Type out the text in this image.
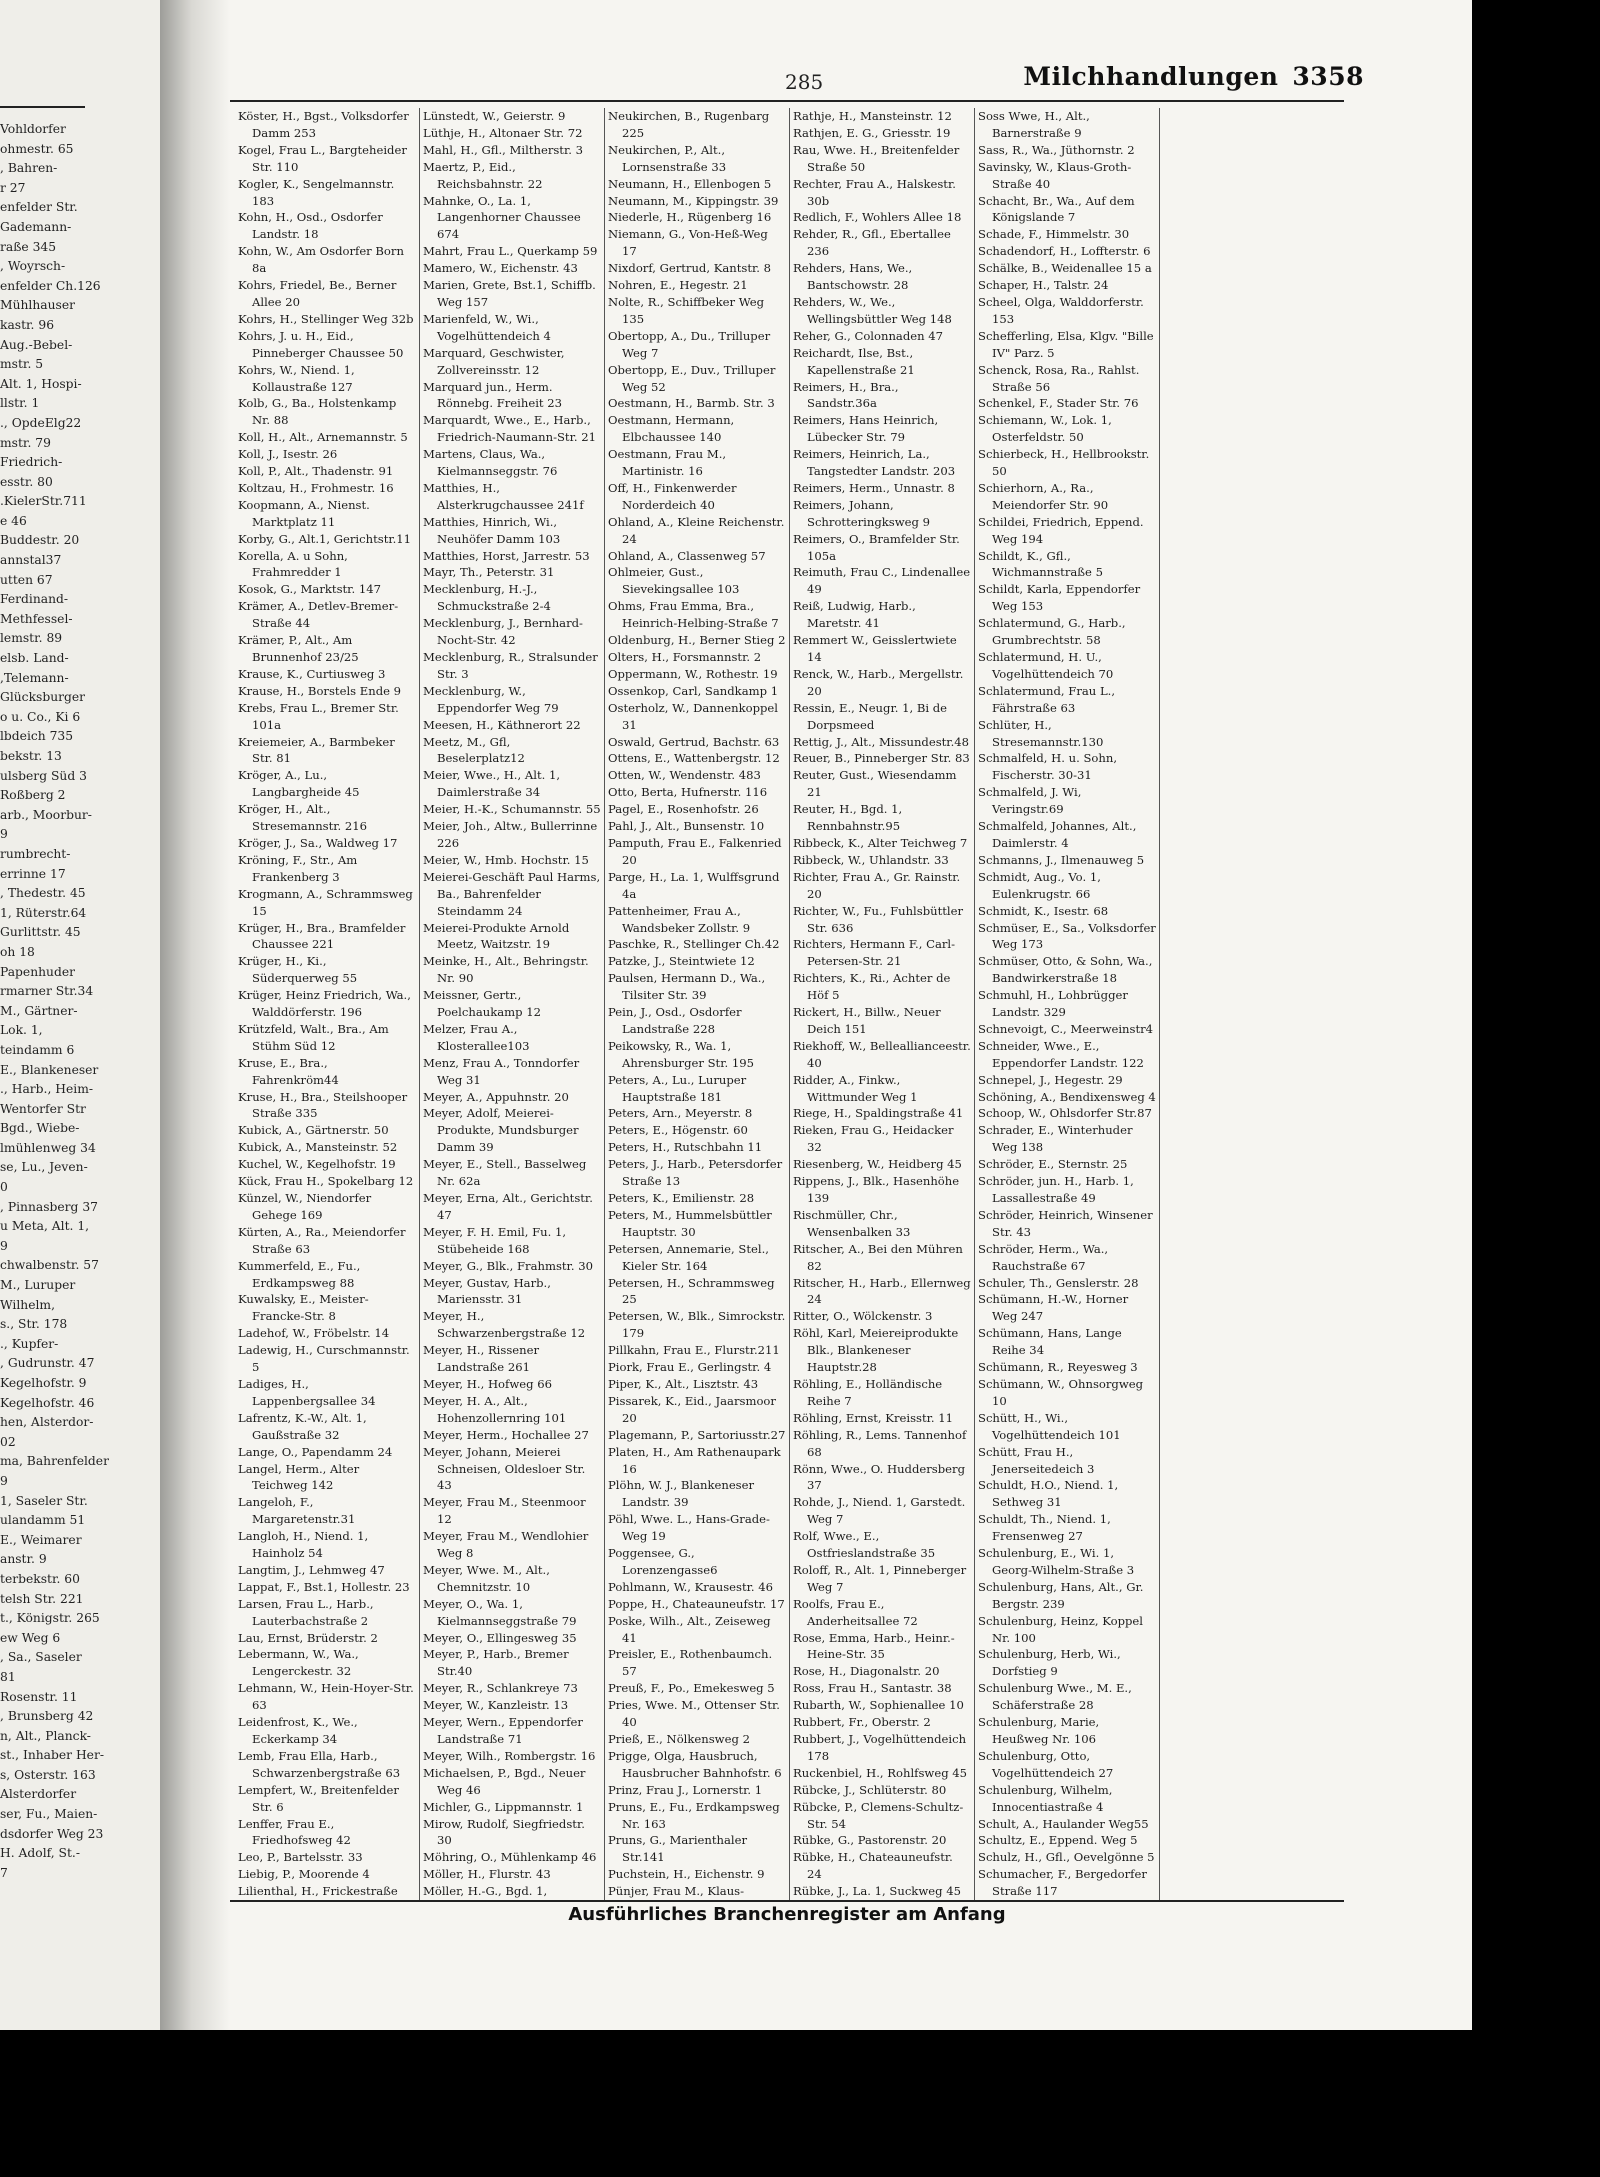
Vohldorfer
ohmestr. 65
, Bahren-
r 27
enfelder Str.
Gademann-
raße 345
, Woyrsch-
enfelder Ch.126
Mühlhauser
kastr. 96
Aug.-Bebel-
mstr. 5
Alt. 1, Hospi-
llstr. 1
., OpdeElg22
mstr. 79
Friedrich-
esstr. 80
.KielerStr.711
e 46
Buddestr. 20
annstal37
utten 67
Ferdinand-
Methfessel-
lemstr. 89
elsb. Land-
,Telemann-
Glücksburger
o u. Co., Ki 6
lbdeich 735
bekstr. 13
ulsberg Süd 3
Roßberg 2
arb., Moorbur-
9
rumbrecht-
errinne 17
, Thedestr. 45
1, Rüterstr.64
Gurlittstr. 45
oh 18
Papenhuder
rmarner Str.34
M., Gärtner-
Lok. 1,
teindamm 6
E., Blankeneser
., Harb., Heim-
Wentorfer Str
Bgd., Wiebe-
lmühlenweg 34
se, Lu., Jeven-
0
, Pinnasberg 37
u Meta, Alt. 1,
9
chwalbenstr. 57
M., Luruper
Wilhelm,
s., Str. 178
., Kupfer-
, Gudrunstr. 47
Kegelhofstr. 9
Kegelhofstr. 46
hen, Alsterdor-
02
ma, Bahrenfelder
9
1, Saseler Str.
ulandamm 51
E., Weimarer
anstr. 9
terbekstr. 60
telsh Str. 221
t., Königstr. 265
ew Weg 6
, Sa., Saseler
81
Rosenstr. 11
, Brunsberg 42
n, Alt., Planck-
st., Inhaber Her-
s, Osterstr. 163
Alsterdorfer
ser, Fu., Maien-
dsdorfer Weg 23
H. Adolf, St.-
7
285	Milchhandlungen 3358
Köster, H., Bgst., Volksdorfer Damm 253
Kogel, Frau L., Bargteheider Str. 110
Kogler, K., Sengelmannstr. 183
Kohn, H., Osd., Osdorfer Landstr. 18
Kohn, W., Am Osdorfer Born 8a
Kohrs, Friedel, Be., Berner Allee 20
Kohrs, H., Stellinger Weg 32b
Kohrs, J. u. H., Eid., Pinneberger Chaussee 50
Kohrs, W., Niend. 1, Kollaustraße 127
Kolb, G., Ba., Holstenkamp Nr. 88
Koll, H., Alt., Arnemannstr. 5
Koll, J., Isestr. 26
Koll, P., Alt., Thadenstr. 91
Koltzau, H., Frohmestr. 16
Koopmann, A., Nienst. Marktplatz 11
Korby, G., Alt.1, Gerichtstr.11
Korella, A. u Sohn, Frahmredder 1
Kosok, G., Marktstr. 147
Krämer, A., Detlev-Bremer-Straße 44
Krämer, P., Alt., Am Brunnenhof 23/25
Krause, K., Curtiusweg 3
Krause, H., Borstels Ende 9
Krebs, Frau L., Bremer Str. 101a
Kreiemeier, A., Barmbeker Str. 81
Kröger, A., Lu., Langbargheide 45
Kröger, H., Alt., Stresemannstr. 216
Kröger, J., Sa., Waldweg 17
Kröning, F., Str., Am Frankenberg 3
Krogmann, A., Schrammsweg 15
Krüger, H., Bra., Bramfelder Chaussee 221
Krüger, H., Ki., Süderquerweg 55
Krüger, Heinz Friedrich, Wa., Walddörferstr. 196
Krützfeld, Walt., Bra., Am Stühm Süd 12
Kruse, E., Bra., Fahrenkröm44
Kruse, H., Bra., Steilshooper Straße 335
Kubick, A., Gärtnerstr. 50
Kubick, A., Mansteinstr. 52
Kuchel, W., Kegelhofstr. 19
Kück, Frau H., Spokelbarg 12
Künzel, W., Niendorfer Gehege 169
Kürten, A., Ra., Meiendorfer Straße 63
Kummerfeld, E., Fu., Erdkampsweg 88
Kuwalsky, E., Meister-Francke-Str. 8
Ladehof, W., Fröbelstr. 14
Ladewig, H., Curschmannstr. 5
Ladiges, H., Lappenbergsallee 34
Lafrentz, K.-W., Alt. 1, Gaußstraße 32
Lange, O., Papendamm 24
Langel, Herm., Alter Teichweg 142
Langeloh, F., Margaretenstr.31
Langloh, H., Niend. 1, Hainholz 54
Langtim, J., Lehmweg 47
Lappat, F., Bst.1, Hollestr. 23
Larsen, Frau L., Harb., Lauterbachstraße 2
Lau, Ernst, Brüderstr. 2
Lebermann, W., Wa., Lengerckestr. 32
Lehmann, W., Hein-Hoyer-Str. 63
Leidenfrost, K., We., Eckerkamp 34
Lemb, Frau Ella, Harb., Schwarzenbergstraße 63
Lempfert, W., Breitenfelder Str. 6
Lenffer, Frau E., Friedhofsweg 42
Leo, P., Bartelsstr. 33
Liebig, P., Moorende 4
Lilienthal, H., Frickestraße
Lünstedt, W., Geierstr. 9
Lüthje, H., Altonaer Str. 72
Mahl, H., Gfl., Miltherstr. 3
Maertz, P., Eid., Reichsbahnstr. 22
Mahnke, O., La. 1, Langenhorner Chaussee 674
Mahrt, Frau L., Querkamp 59
Mamero, W., Eichenstr. 43
Marien, Grete, Bst.1, Schiffb. Weg 157
Marienfeld, W., Wi., Vogelhüttendeich 4
Marquard, Geschwister, Zollvereinsstr. 12
Marquard jun., Herm. Rönnebg. Freiheit 23
Marquardt, Wwe., E., Harb., Friedrich-Naumann-Str. 21
Martens, Claus, Wa., Kielmannseggstr. 76
Matthies, H., Alsterkrugchaussee 241f
Matthies, Hinrich, Wi., Neuhöfer Damm 103
Matthies, Horst, Jarrestr. 53
Mayr, Th., Peterstr. 31
Mecklenburg, H.-J., Schmuckstraße 2-4
Mecklenburg, J., Bernhard-Nocht-Str. 42
Mecklenburg, R., Stralsunder Str. 3
Mecklenburg, W., Eppendorfer Weg 79
Meesen, H., Käthnerort 22
Meetz, M., Gfl, Beselerplatz12
Meier, Wwe., H., Alt. 1, Daimlerstraße 34
Meier, H.-K., Schumannstr. 55
Meier, Joh., Altw., Bullerrinne 226
Meier, W., Hmb. Hochstr. 15
Meierei-Geschäft Paul Harms, Ba., Bahrenfelder Steindamm 24
Meierei-Produkte Arnold Meetz, Waitzstr. 19
Meinke, H., Alt., Behringstr. Nr. 90
Meissner, Gertr., Poelchaukamp 12
Melzer, Frau A., Klosterallee103
Menz, Frau A., Tonndorfer Weg 31
Meyer, A., Appuhnstr. 20
Meyer, Adolf, Meierei-Produkte, Mundsburger Damm 39
Meyer, E., Stell., Basselweg Nr. 62a
Meyer, Erna, Alt., Gerichtstr. 47
Meyer, F. H. Emil, Fu. 1, Stübeheide 168
Meyer, G., Blk., Frahmstr. 30
Meyer, Gustav, Harb., Mariensstr. 31
Meyer, H., Schwarzenbergstraße 12
Meyer, H., Rissener Landstraße 261
Meyer, H., Hofweg 66
Meyer, H. A., Alt., Hohenzollernring 101
Meyer, Herm., Hochallee 27
Meyer, Johann, Meierei Schneisen, Oldesloer Str. 43
Meyer, Frau M., Steenmoor 12
Meyer, Frau M., Wendlohier Weg 8
Meyer, Wwe. M., Alt., Chemnitzstr. 10
Meyer, O., Wa. 1, Kielmannseggstraße 79
Meyer, O., Ellingesweg 35
Meyer, P., Harb., Bremer Str.40
Meyer, R., Schlankreye 73
Meyer, W., Kanzleistr. 13
Meyer, Wern., Eppendorfer Landstraße 71
Meyer, Wilh., Rombergstr. 16
Michaelsen, P., Bgd., Neuer Weg 46
Michler, G., Lippmannstr. 1
Mirow, Rudolf, Siegfriedstr. 30
Möhring, O., Mühlenkamp 46
Möller, H., Flurstr. 43
Möller, H.-G., Bgd. 1,
Neukirchen, B., Rugenbarg 225
Neukirchen, P., Alt., Lornsenstraße 33
Neumann, H., Ellenbogen 5
Neumann, M., Kippingstr. 39
Niederle, H., Rügenberg 16
Niemann, G., Von-Heß-Weg 17
Nixdorf, Gertrud, Kantstr. 8
Nohren, E., Hegestr. 21
Nolte, R., Schiffbeker Weg 135
Obertopp, A., Du., Trilluper Weg 7
Obertopp, E., Duv., Trilluper Weg 52
Oestmann, H., Barmb. Str. 3
Oestmann, Hermann, Elbchaussee 140
Oestmann, Frau M., Martinistr. 16
Off, H., Finkenwerder Norderdeich 40
Ohland, A., Kleine Reichenstr. 24
Ohland, A., Classenweg 57
Ohlmeier, Gust., Sievekingsallee 103
Ohms, Frau Emma, Bra., Heinrich-Helbing-Straße 7
Oldenburg, H., Berner Stieg 2
Olters, H., Forsmannstr. 2
Oppermann, W., Rothestr. 19
Ossenkop, Carl, Sandkamp 1
Osterholz, W., Dannenkoppel 31
Oswald, Gertrud, Bachstr. 63
Ottens, E., Wattenbergstr. 12
Otten, W., Wendenstr. 483
Otto, Berta, Hufnerstr. 116
Pagel, E., Rosenhofstr. 26
Pahl, J., Alt., Bunsenstr. 10
Pamputh, Frau E., Falkenried 20
Parge, H., La. 1, Wulffsgrund 4a
Pattenheimer, Frau A., Wandsbeker Zollstr. 9
Paschke, R., Stellinger Ch.42
Patzke, J., Steintwiete 12
Paulsen, Hermann D., Wa., Tilsiter Str. 39
Pein, J., Osd., Osdorfer Landstraße 228
Peikowsky, R., Wa. 1, Ahrensburger Str. 195
Peters, A., Lu., Luruper Hauptstraße 181
Peters, Arn., Meyerstr. 8
Peters, E., Högenstr. 60
Peters, H., Rutschbahn 11
Peters, J., Harb., Petersdorfer Straße 13
Peters, K., Emilienstr. 28
Peters, M., Hummelsbüttler Hauptstr. 30
Petersen, Annemarie, Stel., Kieler Str. 164
Petersen, H., Schrammsweg 25
Petersen, W., Blk., Simrockstr. 179
Pillkahn, Frau E., Flurstr.211
Piork, Frau E., Gerlingstr. 4
Piper, K., Alt., Lisztstr. 43
Pissarek, K., Eid., Jaarsmoor 20
Plagemann, P., Sartoriusstr.27
Platen, H., Am Rathenaupark 16
Plöhn, W. J., Blankeneser Landstr. 39
Pöhl, Wwe. L., Hans-Grade-Weg 19
Poggensee, G., Lorenzengasse6
Pohlmann, W., Krausestr. 46
Poppe, H., Chateauneufstr. 17
Poske, Wilh., Alt., Zeiseweg 41
Preisler, E., Rothenbaumch. 57
Preuß, F., Po., Emekesweg 5
Pries, Wwe. M., Ottenser Str. 40
Prieß, E., Nölkensweg 2
Prigge, Olga, Hausbruch, Hausbrucher Bahnhofstr. 6
Prinz, Frau J., Lornerstr. 1
Pruns, E., Fu., Erdkampsweg Nr. 163
Pruns, G., Marienthaler Str.141
Puchstein, H., Eichenstr. 9
Pünjer, Frau M., Klaus-
Rathje, H., Mansteinstr. 12
Rathjen, E. G., Griesstr. 19
Rau, Wwe. H., Breitenfelder Straße 50
Rechter, Frau A., Halskestr. 30b
Redlich, F., Wohlers Allee 18
Rehder, R., Gfl., Ebertallee 236
Rehders, Hans, We., Bantschowstr. 28
Rehders, W., We., Wellingsbüttler Weg 148
Reher, G., Colonnaden 47
Reichardt, Ilse, Bst., Kapellenstraße 21
Reimers, H., Bra., Sandstr.36a
Reimers, Hans Heinrich, Lübecker Str. 79
Reimers, Heinrich, La., Tangstedter Landstr. 203
Reimers, Herm., Unnastr. 8
Reimers, Johann, Schrotteringksweg 9
Reimers, O., Bramfelder Str. 105a
Reimuth, Frau C., Lindenallee 49
Reiß, Ludwig, Harb., Maretstr. 41
Remmert W., Geisslertwiete 14
Renck, W., Harb., Mergellstr. 20
Ressin, E., Neugr. 1, Bi de Dorpsmeed
Rettig, J., Alt., Missundestr.48
Reuer, B., Pinneberger Str. 83
Reuter, Gust., Wiesendamm 21
Reuter, H., Bgd. 1, Rennbahnstr.95
Ribbeck, K., Alter Teichweg 7
Ribbeck, W., Uhlandstr. 33
Richter, Frau A., Gr. Rainstr. 20
Richter, W., Fu., Fuhlsbüttler Str. 636
Richters, Hermann F., Carl-Petersen-Str. 21
Richters, K., Ri., Achter de Höf 5
Rickert, H., Billw., Neuer Deich 151
Riekhoff, W., Belleallianceestr. 40
Ridder, A., Finkw., Wittmunder Weg 1
Riege, H., Spaldingstraße 41
Rieken, Frau G., Heidacker 32
Riesenberg, W., Heidberg 45
Rippens, J., Blk., Hasenhöhe 139
Rischmüller, Chr., Wensenbalken 33
Ritscher, A., Bei den Mühren 82
Ritscher, H., Harb., Ellernweg 24
Ritter, O., Wölckenstr. 3
Röhl, Karl, Meiereiprodukte Blk., Blankeneser Hauptstr.28
Röhling, E., Holländische Reihe 7
Röhling, Ernst, Kreisstr. 11
Röhling, R., Lems. Tannenhof 68
Rönn, Wwe., O. Huddersberg 37
Rohde, J., Niend. 1, Garstedt. Weg 7
Rolf, Wwe., E., Ostfrieslandstraße 35
Roloff, R., Alt. 1, Pinneberger Weg 7
Roolfs, Frau E., Anderheitsallee 72
Rose, Emma, Harb., Heinr.-Heine-Str. 35
Rose, H., Diagonalstr. 20
Ross, Frau H., Santastr. 38
Rubarth, W., Sophienallee 10
Rubbert, Fr., Oberstr. 2
Rubbert, J., Vogelhüttendeich 178
Ruckenbiel, H., Rohlfsweg 45
Rübcke, J., Schlüterstr. 80
Rübcke, P., Clemens-Schultz-Str. 54
Rübke, G., Pastorenstr. 20
Rübke, H., Chateauneufstr. 24
Rübke, J., La. 1, Suckweg 45
Soss Wwe, H., Alt., Barnerstraße 9
Sass, R., Wa., Jüthornstr. 2
Savinsky, W., Klaus-Groth-Straße 40
Schacht, Br., Wa., Auf dem Königslande 7
Schade, F., Himmelstr. 30
Schadendorf, H., Loffterstr. 6
Schälke, B., Weidenallee 15 a
Schaper, H., Talstr. 24
Scheel, Olga, Walddorferstr. 153
Schefferling, Elsa, Klgv. "Bille IV" Parz. 5
Schenck, Rosa, Ra., Rahlst. Straße 56
Schenkel, F., Stader Str. 76
Schiemann, W., Lok. 1, Osterfeldstr. 50
Schierbeck, H., Hellbrookstr. 50
Schierhorn, A., Ra., Meiendorfer Str. 90
Schildei, Friedrich, Eppend. Weg 194
Schildt, K., Gfl., Wichmannstraße 5
Schildt, Karla, Eppendorfer Weg 153
Schlatermund, G., Harb., Grumbrechtstr. 58
Schlatermund, H. U., Vogelhüttendeich 70
Schlatermund, Frau L., Fährstraße 63
Schlüter, H., Stresemannstr.130
Schmalfeld, H. u. Sohn, Fischerstr. 30-31
Schmalfeld, J. Wi, Veringstr.69
Schmalfeld, Johannes, Alt., Daimlerstr. 4
Schmanns, J., Ilmenauweg 5
Schmidt, Aug., Vo. 1, Eulenkrugstr. 66
Schmidt, K., Isestr. 68
Schmüser, E., Sa., Volksdorfer Weg 173
Schmüser, Otto, & Sohn, Wa., Bandwirkerstraße 18
Schmuhl, H., Lohbrügger Landstr. 329
Schnevoigt, C., Meerweinstr4
Schneider, Wwe., E., Eppendorfer Landstr. 122
Schnepel, J., Hegestr. 29
Schöning, A., Bendixensweg 4
Schoop, W., Ohlsdorfer Str.87
Schrader, E., Winterhuder Weg 138
Schröder, E., Sternstr. 25
Schröder, jun. H., Harb. 1, Lassallestraße 49
Schröder, Heinrich, Winsener Str. 43
Schröder, Herm., Wa., Rauchstraße 67
Schuler, Th., Genslerstr. 28
Schümann, H.-W., Horner Weg 247
Schümann, Hans, Lange Reihe 34
Schümann, R., Reyesweg 3
Schümann, W., Ohnsorgweg 10
Schütt, H., Wi., Vogelhüttendeich 101
Schütt, Frau H., Jenerseitedeich 3
Schuldt, H.O., Niend. 1, Sethweg 31
Schuldt, Th., Niend. 1, Frensenweg 27
Schulenburg, E., Wi. 1, Georg-Wilhelm-Straße 3
Schulenburg, Hans, Alt., Gr. Bergstr. 239
Schulenburg, Heinz, Koppel Nr. 100
Schulenburg, Herb, Wi., Dorfstieg 9
Schulenburg Wwe., M. E., Schäferstraße 28
Schulenburg, Marie, Heußweg Nr. 106
Schulenburg, Otto, Vogelhüttendeich 27
Schulenburg, Wilhelm, Innocentiastraße 4
Schult, A., Haulander Weg55
Schultz, E., Eppend. Weg 5
Schulz, H., Gfl., Oevelgönne 5
Schumacher, F., Bergedorfer Straße 117
Ausführliches Branchenregister am Anfang
